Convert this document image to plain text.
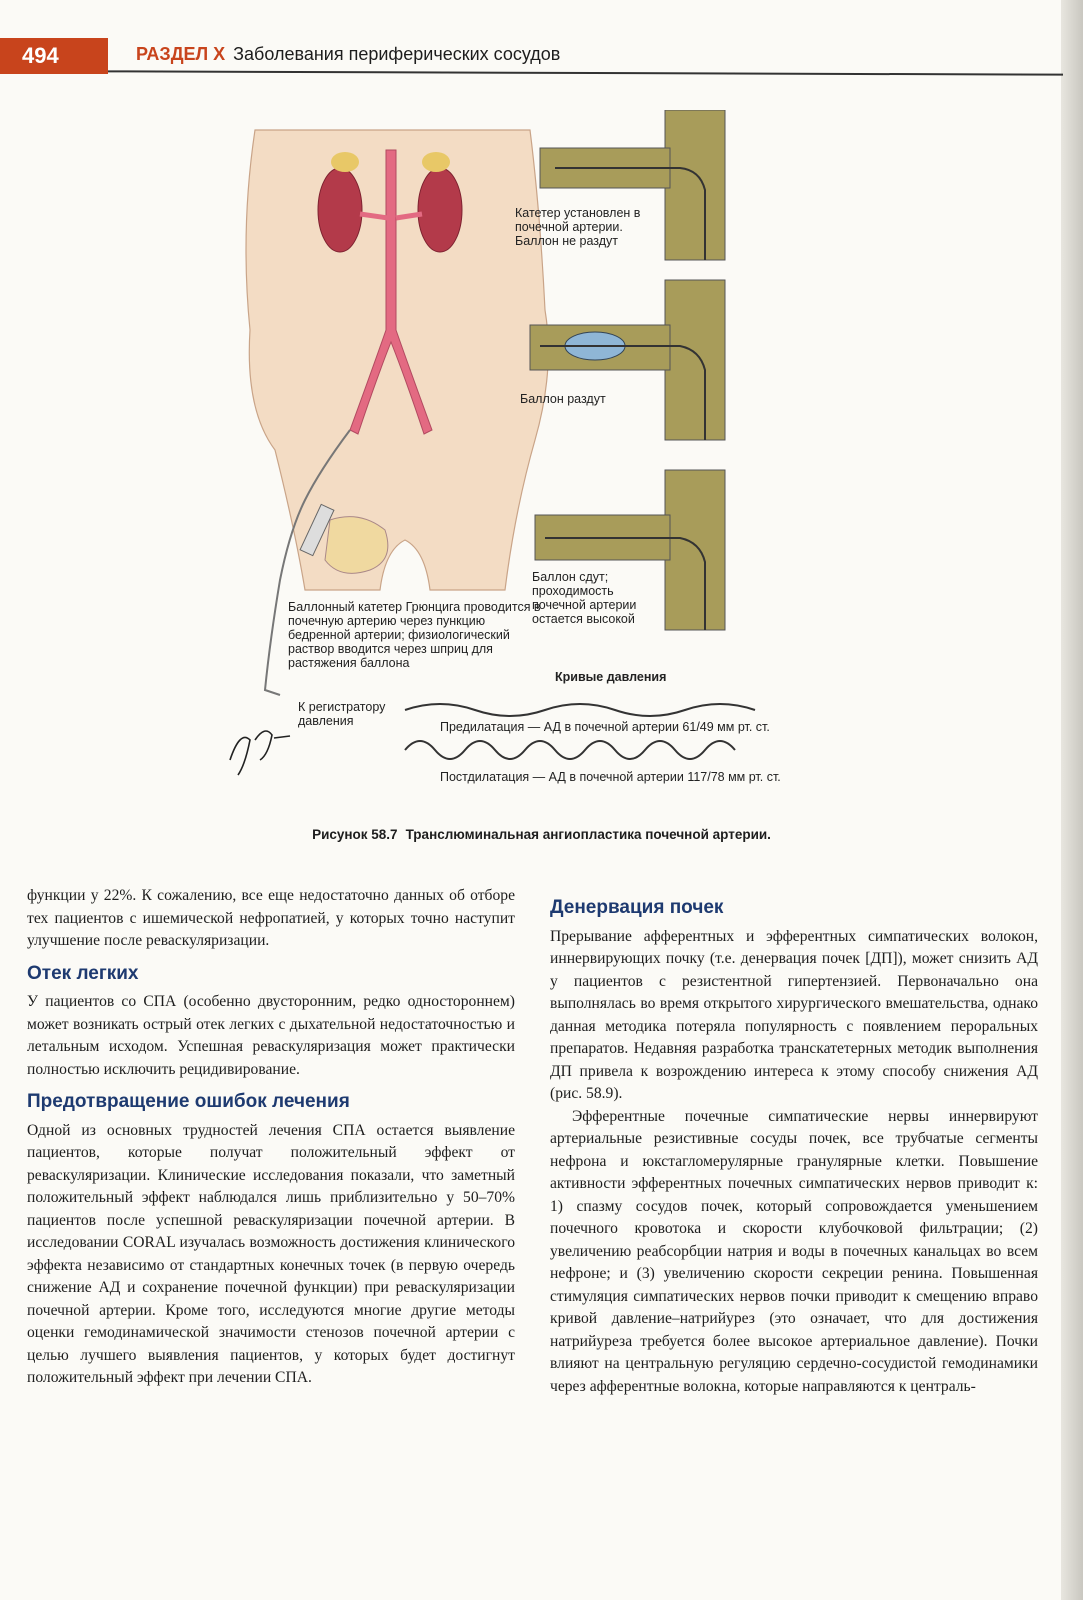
494	РАЗДЕЛ X Заболевания периферических сосудов
Катетер установлен в почечной артерии. Баллон не раздут
Баллон раздут
Баллон сдут; проходимость почечной артерии остается высокой
Баллонный катетер Грюнцига проводится в почечную артерию через пункцию бедренной артерии; физиологический раствор вводится через шприц для растяжения баллона
Кривые давления
К регистратору давления	Предилатация — АД в почечной артерии 61/49 мм рт. ст.
Постдилатация — АД в почечной артерии 117/78 мм рт. ст.
Рисунок 58.7 Транслюминальная ангиопластика почечной артерии.

функции у 22%. К сожалению, все еще недостаточно данных об отборе тех пациентов с ишемической нефропатией, у которых точно наступит улучшение после реваскуляризации.

Отек легких

У пациентов со СПА (особенно двусторонним, редко одностороннем) может возникать острый отек легких с дыхательной недостаточностью и летальным исходом. Успешная реваскуляризация может практически полностью исключить рецидивирование.

Предотвращение ошибок лечения

Одной из основных трудностей лечения СПА остается выявление пациентов, которые получат положительный эффект от реваскуляризации. Клинические исследования показали, что заметный положительный эффект наблюдался лишь приблизительно у 50–70% пациентов после успешной реваскуляризации почечной артерии. В исследовании CORAL изучалась возможность достижения клинического эффекта независимо от стандартных конечных точек (в первую очередь снижение АД и сохранение почечной функции) при реваскуляризации почечной артерии. Кроме того, исследуются многие другие методы оценки гемодинамической значимости стенозов почечной артерии с целью лучшего выявления пациентов, у которых будет достигнут положительный эффект при лечении СПА.

Денервация почек

Прерывание афферентных и эфферентных симпатических волокон, иннервирующих почку (т.е. денервация почек [ДП]), может снизить АД у пациентов с резистентной гипертензией. Первоначально она выполнялась во время открытого хирургического вмешательства, однако данная методика потеряла популярность с появлением пероральных препаратов. Недавняя разработка транскатетерных методик выполнения ДП привела к возрождению интереса к этому способу снижения АД (рис. 58.9).

Эфферентные почечные симпатические нервы иннервируют артериальные резистивные сосуды почек, все трубчатые сегменты нефрона и юкстагломерулярные гранулярные клетки. Повышение активности эфферентных почечных симпатических нервов приводит к: 1) спазму сосудов почек, который сопровождается уменьшением почечного кровотока и скорости клубочковой фильтрации; (2) увеличению реабсорбции натрия и воды в почечных канальцах во всем нефроне; и (3) увеличению скорости секреции ренина. Повышенная стимуляция симпатических нервов почки приводит к смещению вправо кривой давление–натрийурез (это означает, что для достижения натрийуреза требуется более высокое артериальное давление). Почки влияют на центральную регуляцию сердечно-сосудистой гемодинамики через афферентные волокна, которые направляются к централь-
